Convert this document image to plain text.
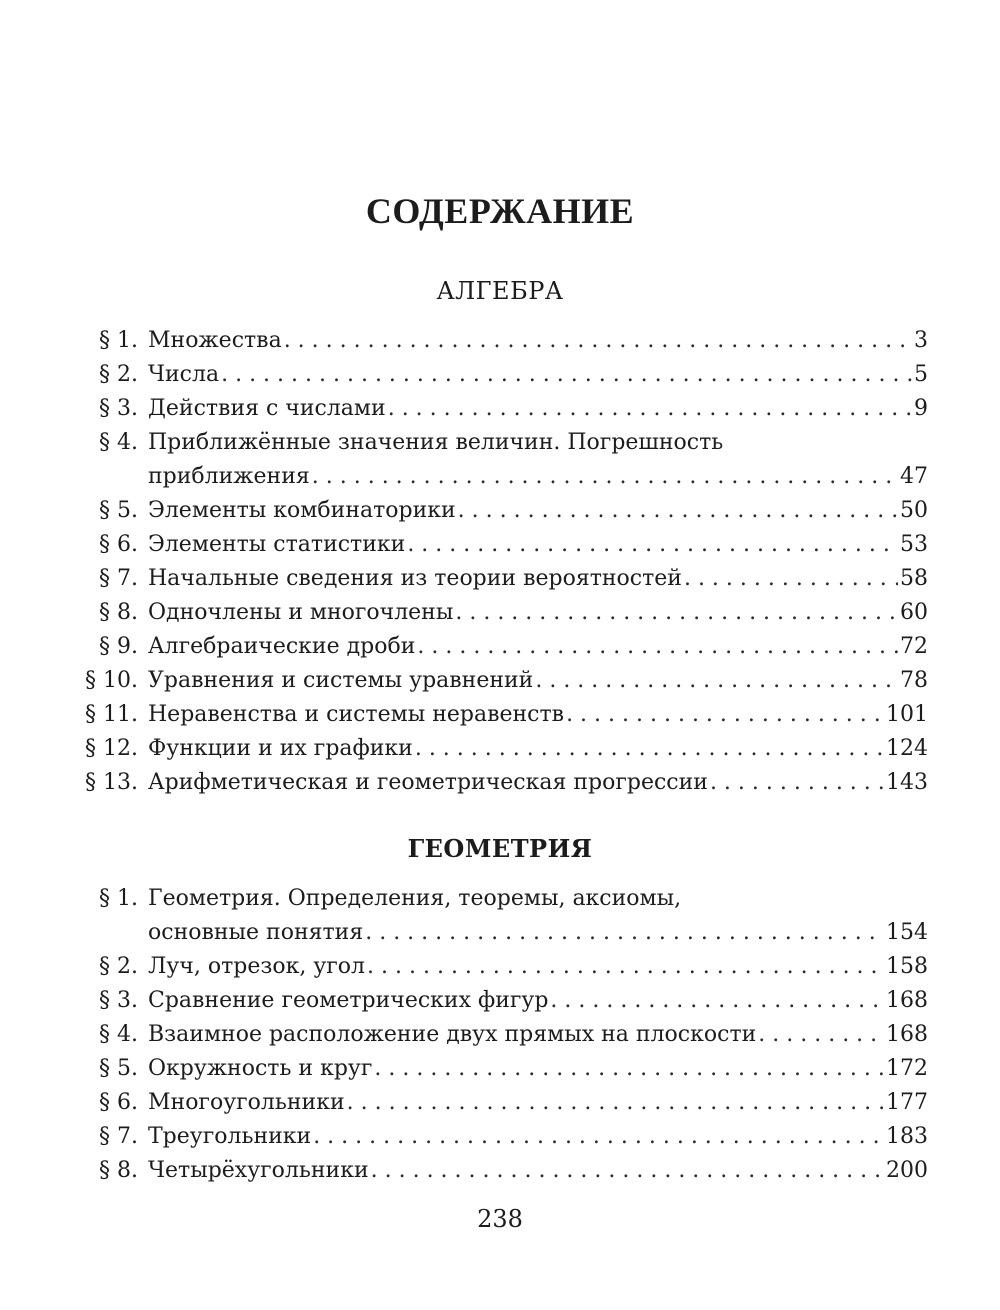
СОДЕРЖАНИЕ
АЛГЕБРА
§ 1. Множества . . .	3
§ 2. Числа . . .	5
§ 3. Действия с числами . . .	9
§ 4. Приближённые значения величин. Погрешность
приближения . . .	47
§ 5. Элементы комбинаторики . . .	50
§ 6. Элементы статистики . . .	53
§ 7. Начальные сведения из теории вероятностей . . .	58
§ 8. Одночлены и многочлены . . .	60
§ 9. Алгебраические дроби . . .	72
§ 10. Уравнения и системы уравнений . . .	78
§ 11. Неравенства и системы неравенств . . .	101
§ 12. Функции и их графики . . .	124
§ 13. Арифметическая и геометрическая прогрессии . . .	143
ГЕОМЕТРИЯ
§ 1. Геометрия. Определения, теоремы, аксиомы,
основные понятия . . .	154
§ 2. Луч, отрезок, угол . . .	158
§ 3. Сравнение геометрических фигур . . .	168
§ 4. Взаимное расположение двух прямых на плоскости . . .	168
§ 5. Окружность и круг . . .	172
§ 6. Многоугольники . . .	177
§ 7. Треугольники . . .	183
§ 8. Четырёхугольники . . .	200
238
